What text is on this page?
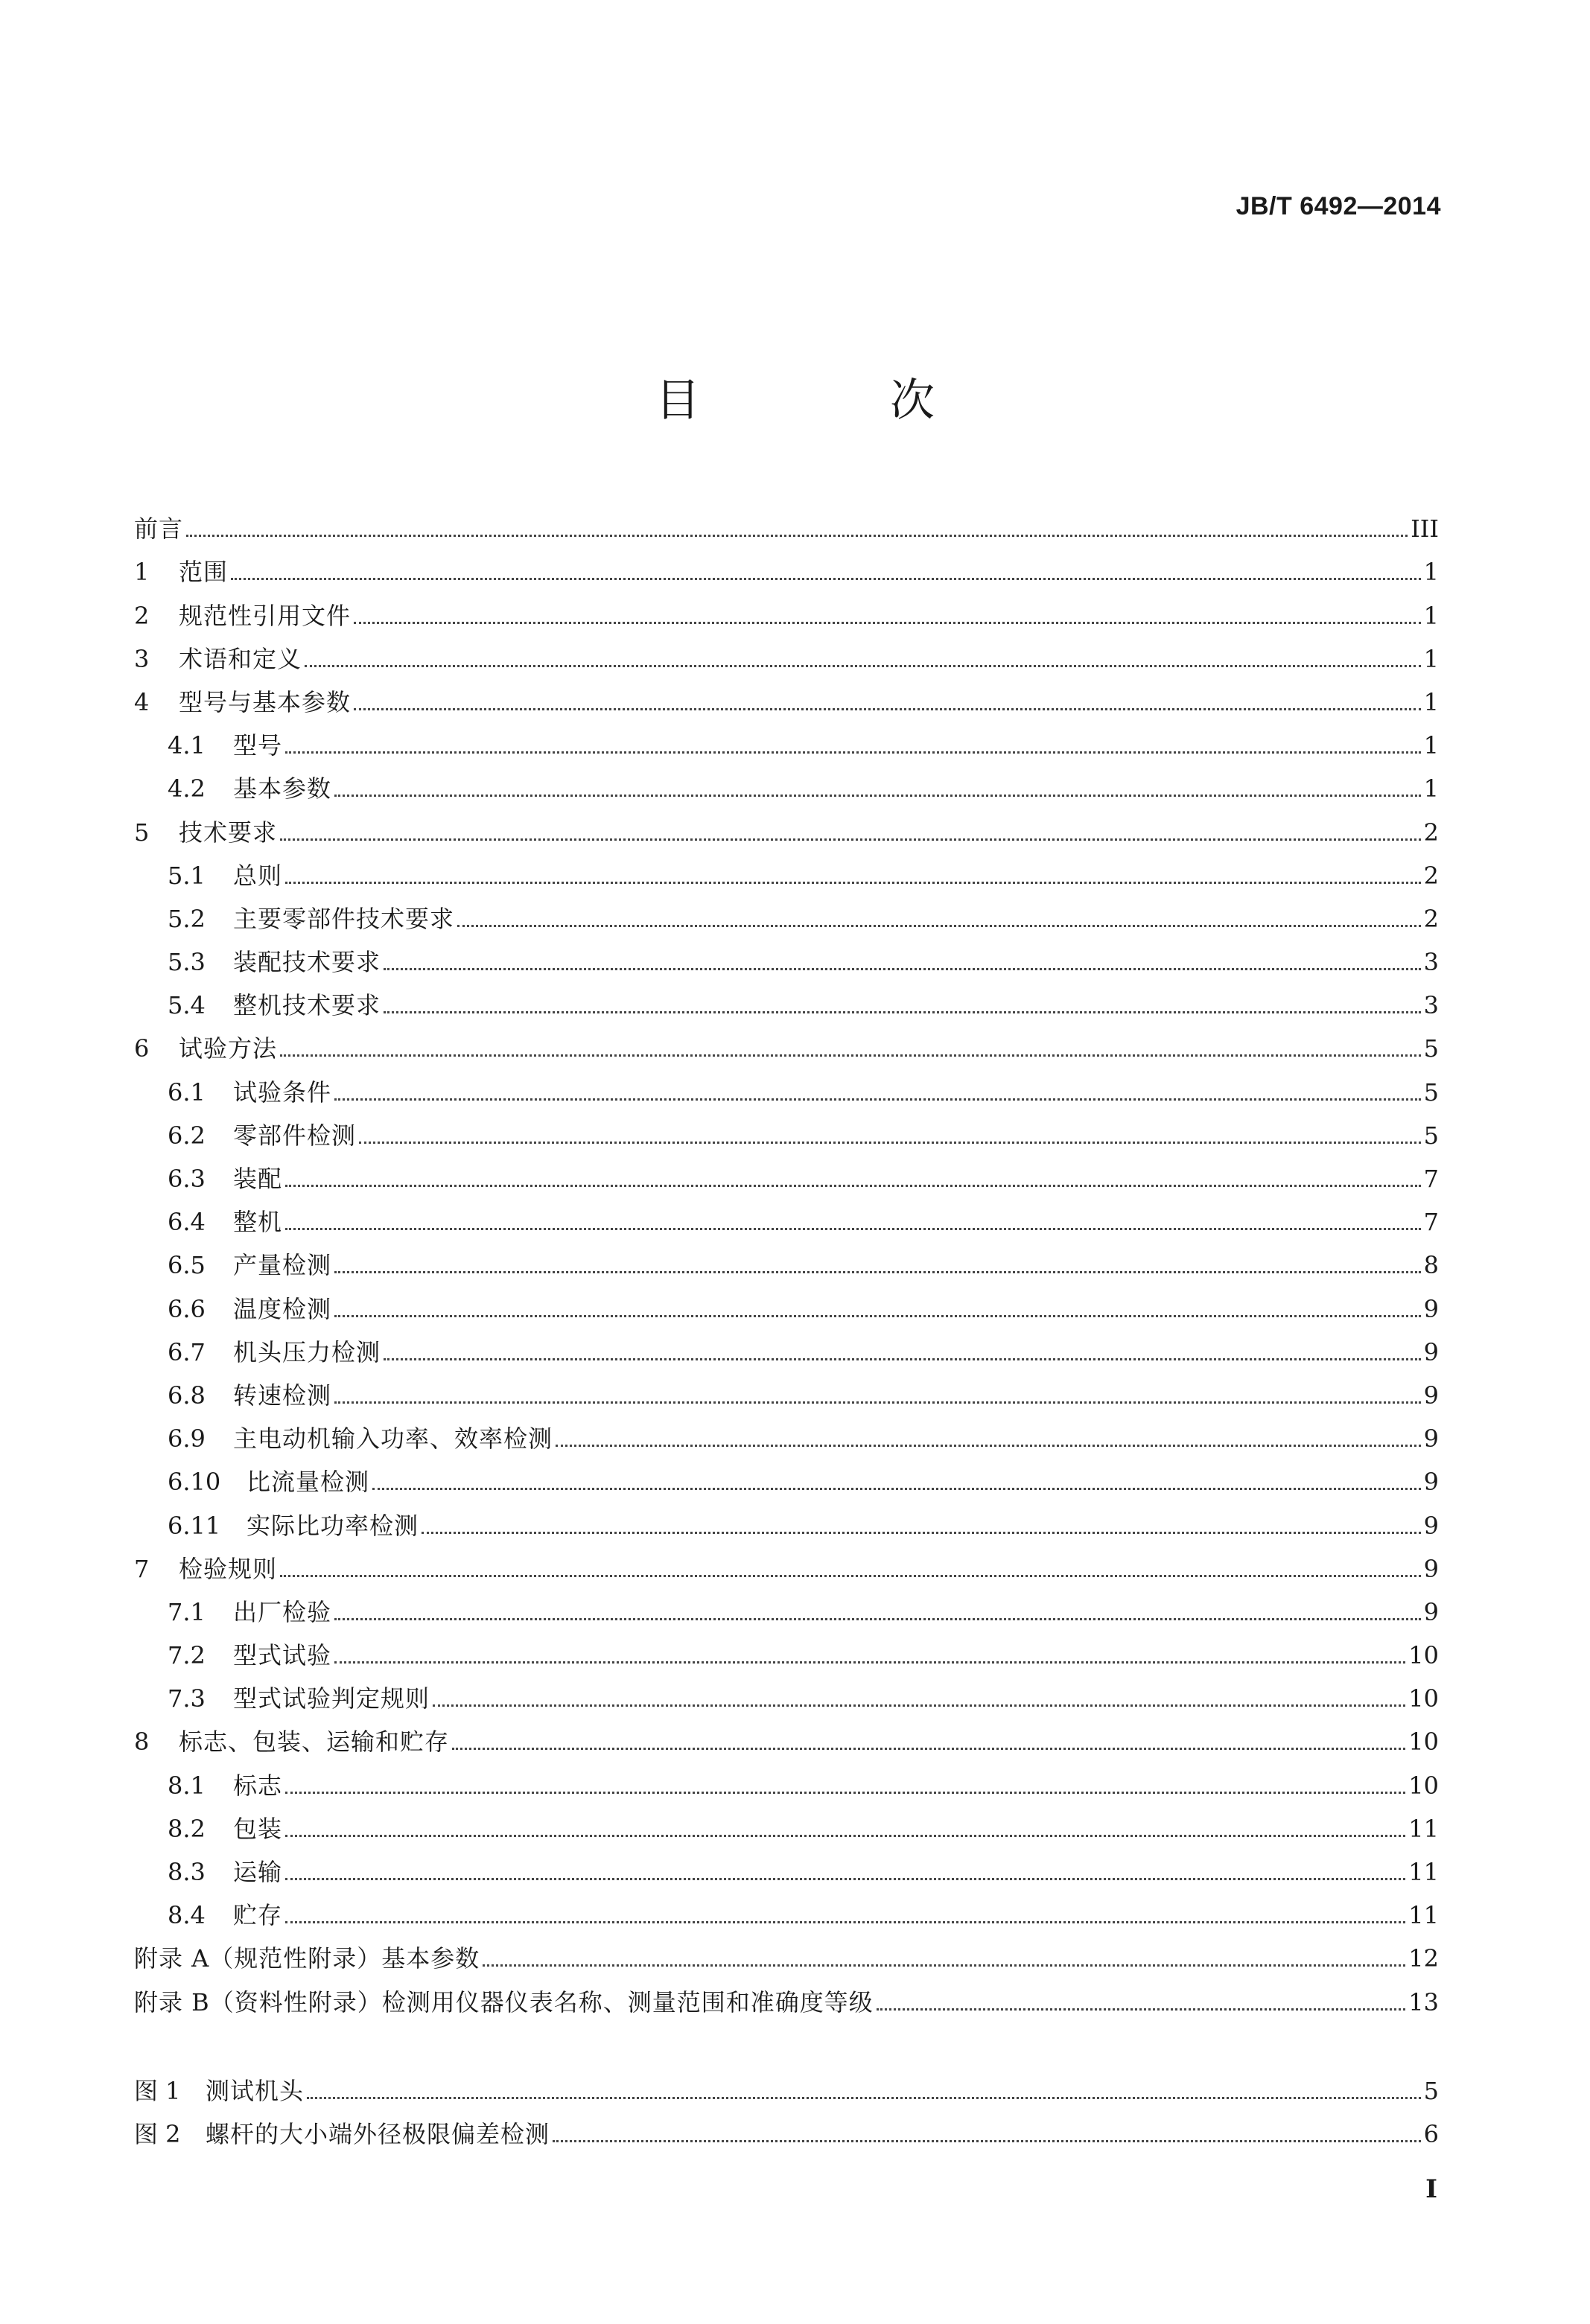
JB/T 6492—2014
目 次
前言	III
1	范围	1
2	规范性引用文件	1
3	术语和定义	1
4	型号与基本参数	1
4.1	型号	1
4.2	基本参数	1
5	技术要求	2
5.1	总则	2
5.2	主要零部件技术要求	2
5.3	装配技术要求	3
5.4	整机技术要求	3
6	试验方法	5
6.1	试验条件	5
6.2	零部件检测	5
6.3	装配	7
6.4	整机	7
6.5	产量检测	8
6.6	温度检测	9
6.7	机头压力检测	9
6.8	转速检测	9
6.9	主电动机输入功率、效率检测	9
6.10	比流量检测	9
6.11	实际比功率检测	9
7	检验规则	9
7.1	出厂检验	9
7.2	型式试验	10
7.3	型式试验判定规则	10
8	标志、包装、运输和贮存	10
8.1	标志	10
8.2	包装	11
8.3	运输	11
8.4	贮存	11
附录 A（规范性附录）基本参数	12
附录 B（资料性附录）检测用仪器仪表名称、测量范围和准确度等级	13
图 1	测试机头	5
图 2	螺杆的大小端外径极限偏差检测	6
I
